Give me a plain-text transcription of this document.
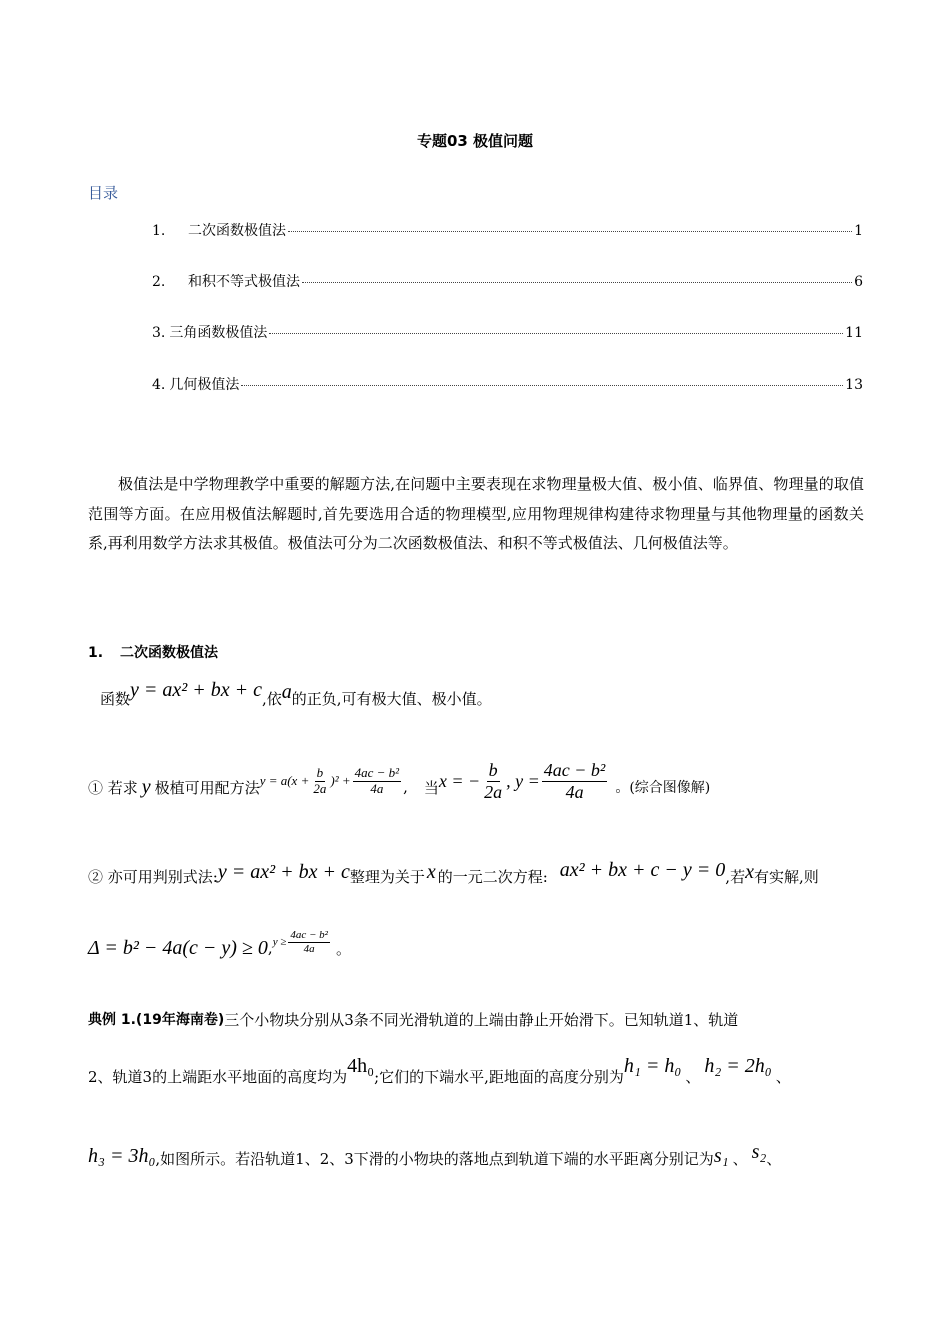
专题03 极值问题
目录
1.	二次函数极值法	1
2.	和积不等式极值法	6
3. 三角函数极值法	11
4. 几何极值法	13
极值法是中学物理教学中重要的解题方法,在问题中主要表现在求物理量极大值、极小值、临界值、物理量的取值范围等方面。在应用极值法解题时,首先要选用合适的物理模型,应用物理规律构建待求物理量与其他物理量的函数关系,再利用数学方法求其极值。极值法可分为二次函数极值法、和积不等式极值法、几何极值法等。
1. 二次函数极值法
函数 y = ax² + bx + c ,依 a 的正负,可有极大值、极小值。
① 若求 y 极植可用配方法 $y = a(x + \frac{b}{2a} )^2 + \frac{\text{4ac − b²}}{4a}$ , 当 x = − $\frac{b}{2a}$ , $y = \frac{\text{4ac − b²}}{4a}$ 。(综合图像解)
② 亦可用判别式法: y = ax² + bx + c 整理为关于 x 的一元二次方程: ax² + bx + c − y = 0 ,若 x 有实解,则
Δ = b² − 4a(c − y) ≥ 0 , $y \ge \frac{\text{4ac − b²}}{4a}$ 。
典例 1.(19年海南卷) 三个小物块分别从3条不同光滑轨道的上端由静止开始滑下。已知轨道1、轨道
2、轨道3的上端距水平地面的高度均为 4h₀ ;它们的下端水平,距地面的高度分别为 h₁ = h₀ 、 h₂ = 2h₀ 、
h₃ = 3h₀ ,如图所示。若沿轨道1、2、3下滑的小物块的落地点到轨道下端的水平距离分别记为 s₁ 、 s₂ 、
